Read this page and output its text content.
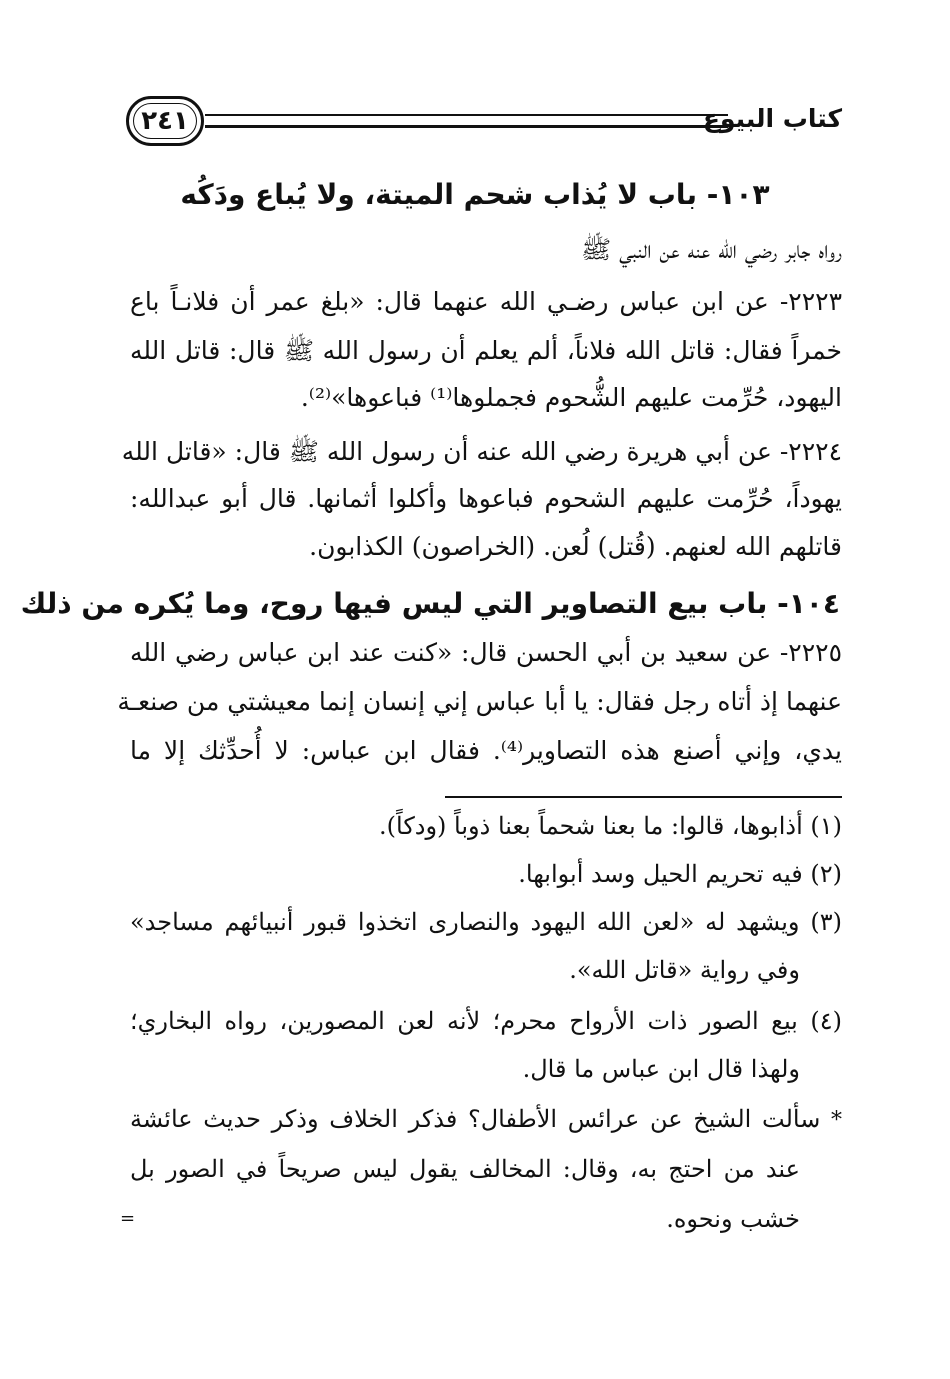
كتاب البيوع
٢٤١
١٠٣- باب لا يُذاب شحم الميتة، ولا يُباع ودَكُه
رواه جابر رضي الله عنه عن النبي ﷺ
٢٢٢٣- عن ابن عباس رضـي الله عنهما قال: «بلغ عمر أن فلانـاً باع
خمراً فقال: قاتل الله فلاناً، ألم يعلم أن رسول الله ﷺ قال: قاتل الله
اليهود، حُرِّمت عليهم الشُّحوم فجملوها⁽¹⁾ فباعوها»⁽²⁾.
٢٢٢٤- عن أبي هريرة رضي الله عنه أن رسول الله ﷺ قال: «قاتل الله
يهوداً، حُرِّمت عليهم الشحوم فباعوها وأكلوا أثمانها. قال أبو عبدالله:
قاتلهم الله لعنهم. (قُتل) لُعن. (الخراصون) الكذابون.
١٠٤- باب بيع التصاوير التي ليس فيها روح، وما يُكره من ذلك
٢٢٢٥- عن سعيد بن أبي الحسن قال: «كنت عند ابن عباس رضي الله
عنهما إذ أتاه رجل فقال: يا أبا عباس إني إنسان إنما معيشتي من صنعـة
يدي، وإني أصنع هذه التصاوير⁽⁴⁾. فقال ابن عباس: لا أُحدِّثك إلا ما
(١) أذابوها، قالوا: ما بعنا شحماً بعنا ذوباً (ودكاً).
(٢) فيه تحريم الحيل وسد أبوابها.
(٣) ويشهد له «لعن الله اليهود والنصارى اتخذوا قبور أنبيائهم مساجد»
وفي رواية «قاتل الله».
(٤) بيع الصور ذات الأرواح محرم؛ لأنه لعن المصورين، رواه البخاري؛
ولهذا قال ابن عباس ما قال.
* سألت الشيخ عن عرائس الأطفال؟ فذكر الخلاف وذكر حديث عائشة
عند من احتج به، وقال: المخالف يقول ليس صريحاً في الصور بل
خشب ونحوه.
=
